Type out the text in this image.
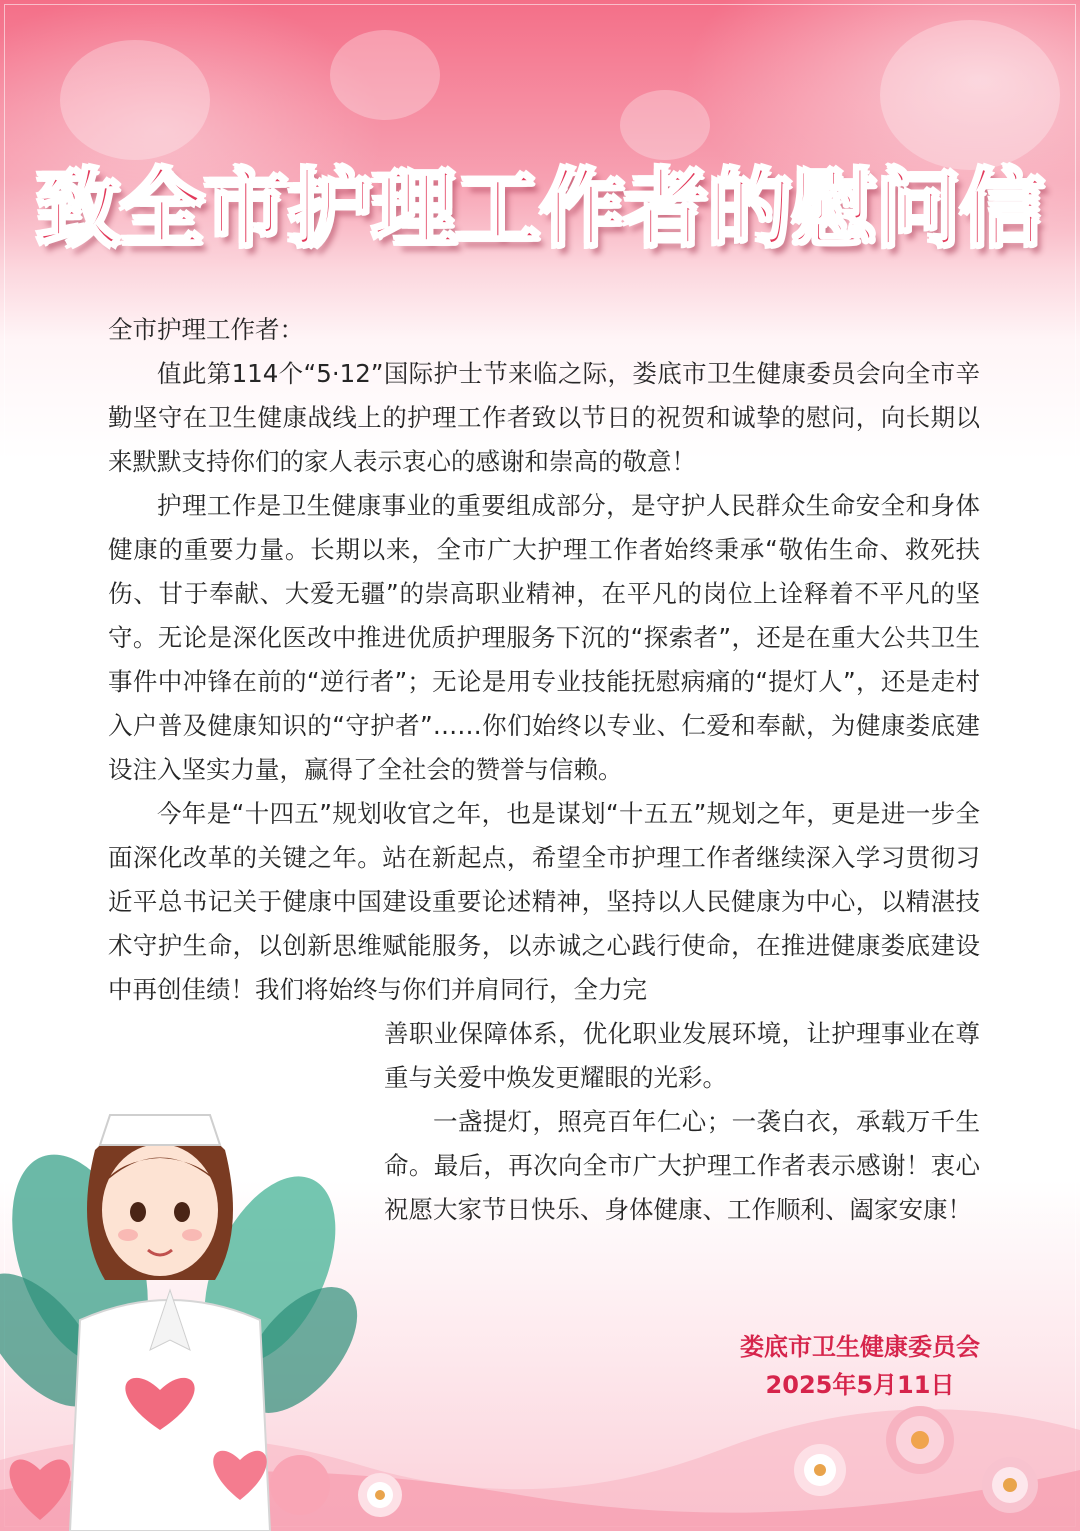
致全市护理工作者的慰问信

全市护理工作者：

值此第114个“5·12”国际护士节来临之际，娄底市卫生健康委员会向全市辛勤坚守在卫生健康战线上的护理工作者致以节日的祝贺和诚挚的慰问，向长期以来默默支持你们的家人表示衷心的感谢和崇高的敬意！

护理工作是卫生健康事业的重要组成部分，是守护人民群众生命安全和身体健康的重要力量。长期以来，全市广大护理工作者始终秉承“敬佑生命、救死扶伤、甘于奉献、大爱无疆”的崇高职业精神，在平凡的岗位上诠释着不平凡的坚守。无论是深化医改中推进优质护理服务下沉的“探索者”，还是在重大公共卫生事件中冲锋在前的“逆行者”；无论是用专业技能抚慰病痛的“提灯人”，还是走村入户普及健康知识的“守护者”……你们始终以专业、仁爱和奉献，为健康娄底建设注入坚实力量，赢得了全社会的赞誉与信赖。

今年是“十四五”规划收官之年，也是谋划“十五五”规划之年，更是进一步全面深化改革的关键之年。站在新起点，希望全市护理工作者继续深入学习贯彻习近平总书记关于健康中国建设重要论述精神，坚持以人民健康为中心，以精湛技术守护生命，以创新思维赋能服务，以赤诚之心践行使命，在推进健康娄底建设中再创佳绩！我们将始终与你们并肩同行，全力完

善职业保障体系，优化职业发展环境，让护理事业在尊重与关爱中焕发更耀眼的光彩。

一盏提灯，照亮百年仁心；一袭白衣，承载万千生命。最后，再次向全市广大护理工作者表示感谢！衷心祝愿大家节日快乐、身体健康、工作顺利、阖家安康！

娄底市卫生健康委员会
2025年5月11日
